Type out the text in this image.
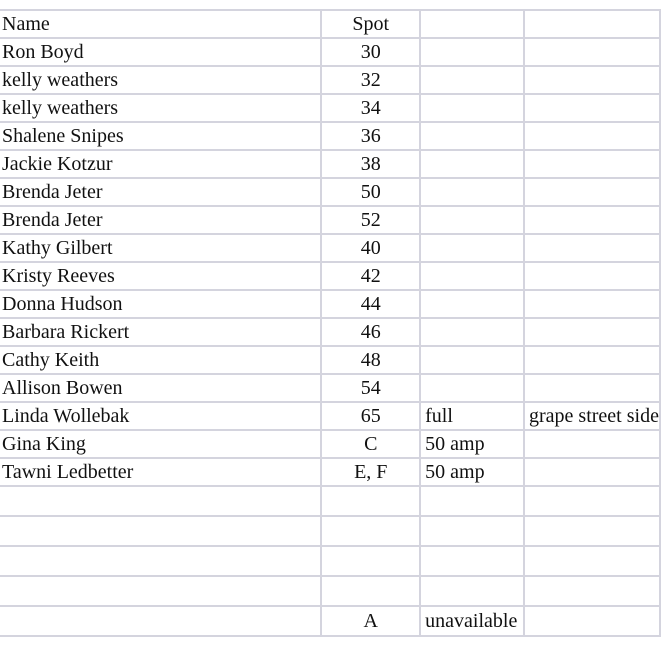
Name	Spot		
Ron Boyd	30		
kelly weathers	32		
kelly weathers	34		
Shalene Snipes	36		
Jackie Kotzur	38		
Brenda Jeter	50		
Brenda Jeter	52		
Kathy Gilbert	40		
Kristy Reeves	42		
Donna Hudson	44		
Barbara Rickert	46		
Cathy Keith	48		
Allison Bowen	54		
Linda Wollebak	65	full	grape street side
Gina King	C	50 amp	
Tawni Ledbetter	E, F	50 amp	

	A	unavailable	
